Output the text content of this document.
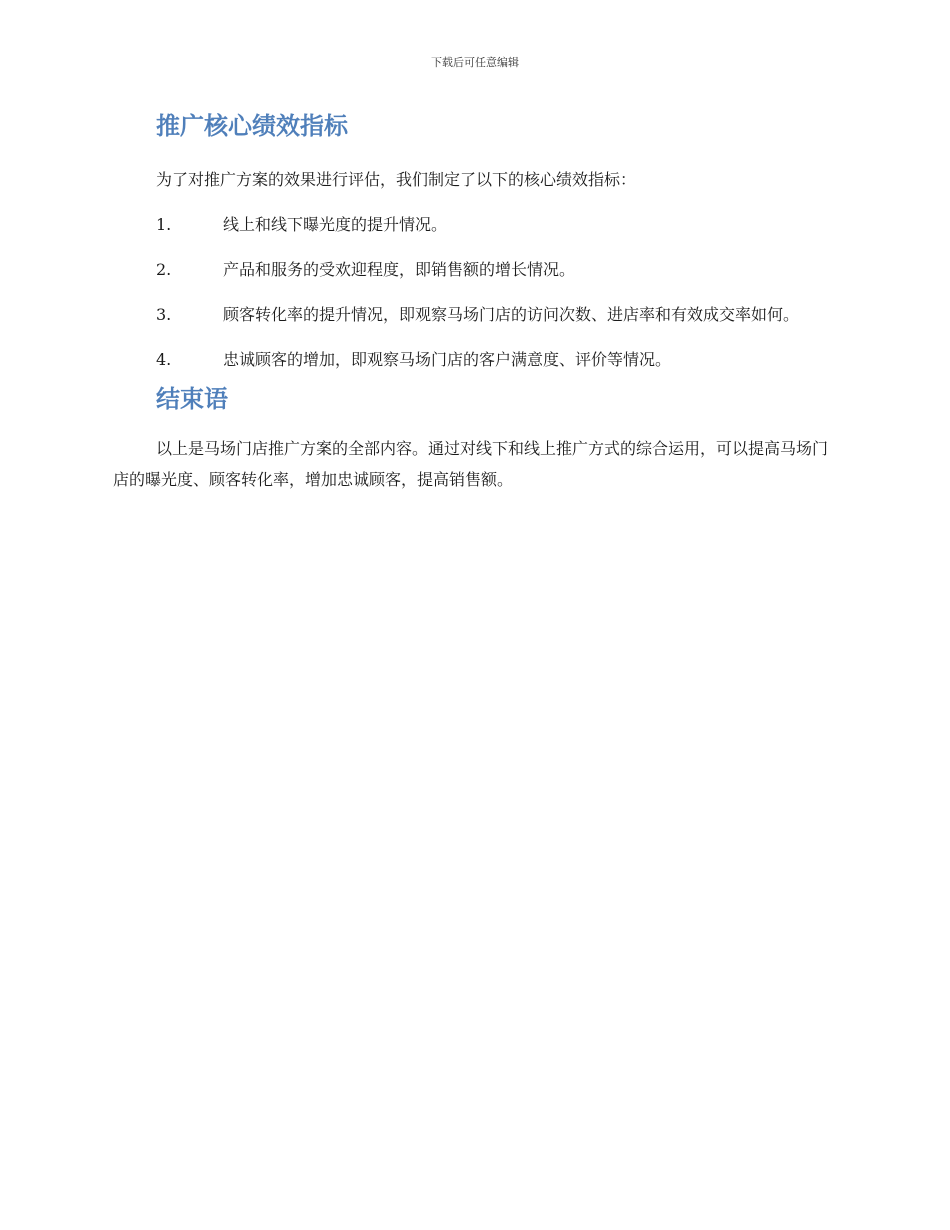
下载后可任意编辑
推广核心绩效指标

为了对推广方案的效果进行评估，我们制定了以下的核心绩效指标：

1.	线上和线下曝光度的提升情况。

2.	产品和服务的受欢迎程度，即销售额的增长情况。

3.	顾客转化率的提升情况，即观察马场门店的访问次数、进店率和有效成交率如何。

4.	忠诚顾客的增加，即观察马场门店的客户满意度、评价等情况。

结束语

以上是马场门店推广方案的全部内容。通过对线下和线上推广方式的综合运用，可以提高马场门店的曝光度、顾客转化率，增加忠诚顾客，提高销售额。
